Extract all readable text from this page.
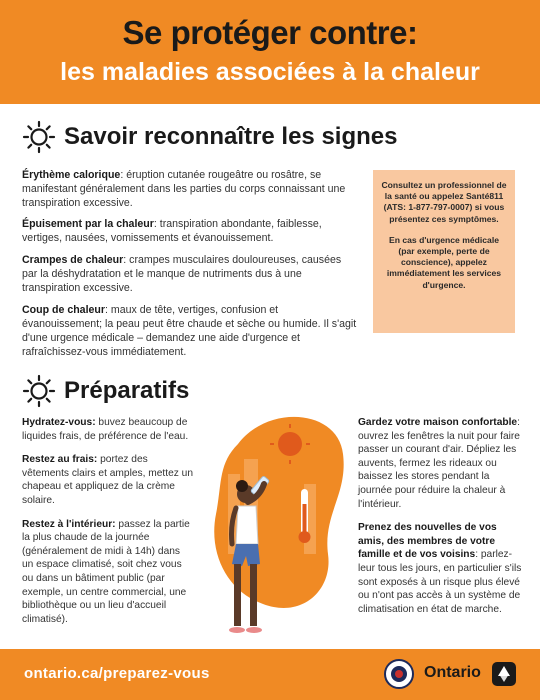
Se protéger contre:
les maladies associées à la chaleur
Savoir reconnaître les signes
Érythème calorique: éruption cutanée rougeâtre ou rosâtre, se manifestant généralement dans les parties du corps connaissant une transpiration excessive.
Épuisement par la chaleur: transpiration abondante, faiblesse, vertiges, nausées, vomissements et évanouissement.
Crampes de chaleur: crampes musculaires douloureuses, causées par la déshydratation et le manque de nutriments dus à une transpiration excessive.
Coup de chaleur: maux de tête, vertiges, confusion et évanouissement; la peau peut être chaude et sèche ou humide. Il s'agit d'une urgence médicale – demandez une aide d'urgence et rafraîchissez-vous immédiatement.

Consultez un professionnel de la santé ou appelez Santé811 (ATS: 1-877-797-0007) si vous présentez ces symptômes.

En cas d'urgence médicale (par exemple, perte de conscience), appelez immédiatement les services d'urgence.

Préparatifs

Hydratez-vous: buvez beaucoup de liquides frais, de préférence de l'eau.

Restez au frais: portez des vêtements clairs et amples, mettez un chapeau et appliquez de la crème solaire.

Restez à l'intérieur: passez la partie la plus chaude de la journée (généralement de midi à 14h) dans un espace climatisé, soit chez vous ou dans un bâtiment public (par exemple, un centre commercial, une bibliothèque ou un lieu d'accueil climatisé).

Gardez votre maison confortable: ouvrez les fenêtres la nuit pour faire passer un courant d'air. Dépliez les auvents, fermez les rideaux ou baissez les stores pendant la journée pour réduire la chaleur à l'intérieur.

Prenez des nouvelles de vos amis, des membres de votre famille et de vos voisins: parlez-leur tous les jours, en particulier s'ils sont exposés à un risque plus élevé ou n'ont pas accès à un système de climatisation en état de marche.

ontario.ca/preparez-vous	Ontario
